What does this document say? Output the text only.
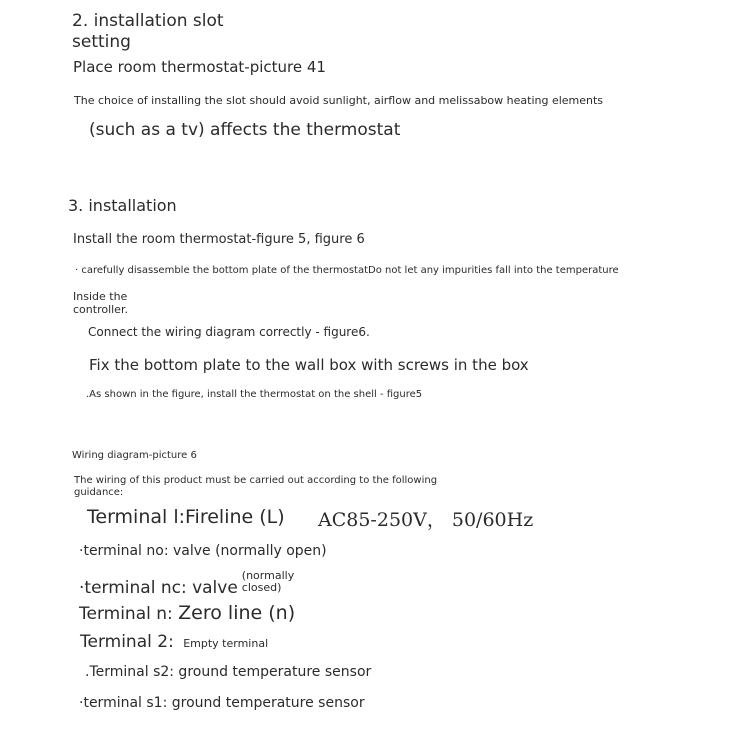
2. installation slot
setting
Place room thermostat-picture 41
The choice of installing the slot should avoid sunlight, airflow and melissabow heating elements
(such as a tv) affects the thermostat
3. installation
Install the room thermostat-figure 5, figure 6
· carefully disassemble the bottom plate of the thermostatDo not let any impurities fall into the temperature
Inside the
controller.
Connect the wiring diagram correctly - figure6.
Fix the bottom plate to the wall box with screws in the box
.As shown in the figure, install the thermostat on the shell - figure5
Wiring diagram-picture 6
The wiring of this product must be carried out according to the following
guidance:
Terminal l:Fireline (L) AC85-250V， 50/60Hz
·terminal no: valve (normally open)
·terminal nc: valve(normally
closed)
Terminal n: Zero line (n)
Terminal 2: Empty terminal
.Terminal s2: ground temperature sensor
·terminal s1: ground temperature sensor
